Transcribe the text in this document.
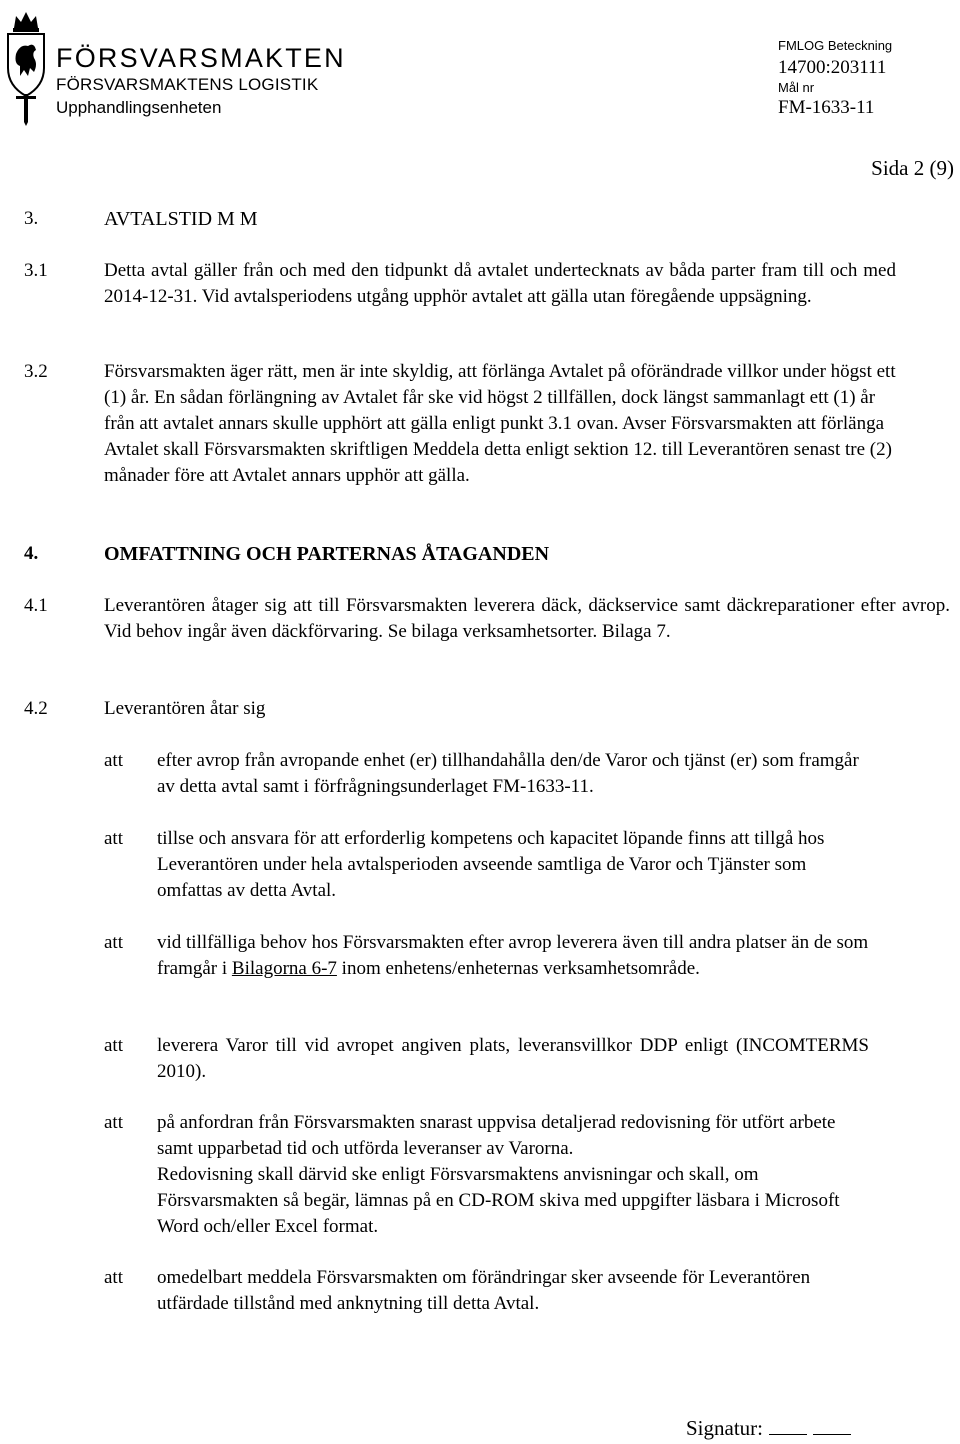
FÖRSVARSMAKTEN
FÖRSVARSMAKTENS LOGISTIK
Upphandlingsenheten
FMLOG Beteckning
14700:203111
Mål nr
FM-1633-11
Sida 2 (9)
3.	AVTALSTID M M
3.1	Detta avtal gäller från och med den tidpunkt då avtalet undertecknats av båda parter fram till och med 2014-12-31. Vid avtalsperiodens utgång upphör avtalet att gälla utan föregående uppsägning.
3.2	Försvarsmakten äger rätt, men är inte skyldig, att förlänga Avtalet på oförändrade villkor under högst ett (1) år. En sådan förlängning av Avtalet får ske vid högst 2 tillfällen, dock längst sammanlagt ett (1) år från att avtalet annars skulle upphört att gälla enligt punkt 3.1 ovan. Avser Försvarsmakten att förlänga Avtalet skall Försvarsmakten skriftligen Meddela detta enligt sektion 12. till Leverantören senast tre (2) månader före att Avtalet annars upphör att gälla.
4.	OMFATTNING OCH PARTERNAS ÅTAGANDEN
4.1	Leverantören åtager sig att till Försvarsmakten leverera däck, däckservice samt däckreparationer efter avrop. Vid behov ingår även däckförvaring. Se bilaga verksamhetsorter. Bilaga 7.
4.2	Leverantören åtar sig
att efter avrop från avropande enhet (er) tillhandahålla den/de Varor och tjänst (er) som framgår av detta avtal samt i förfrågningsunderlaget FM-1633-11.
att tillse och ansvara för att erforderlig kompetens och kapacitet löpande finns att tillgå hos Leverantören under hela avtalsperioden avseende samtliga de Varor och Tjänster som omfattas av detta Avtal.
att vid tillfälliga behov hos Försvarsmakten efter avrop leverera även till andra platser än de som framgår i Bilagorna 6-7 inom enhetens/enheternas verksamhetsområde.
att leverera Varor till vid avropet angiven plats, leveransvillkor DDP enligt (INCOMTERMS 2010).
att på anfordran från Försvarsmakten snarast uppvisa detaljerad redovisning för utfört arbete samt upparbetad tid och utförda leveranser av Varorna.
Redovisning skall därvid ske enligt Försvarsmaktens anvisningar och skall, om Försvarsmakten så begär, lämnas på en CD-ROM skiva med uppgifter läsbara i Microsoft Word och/eller Excel format.
att omedelbart meddela Försvarsmakten om förändringar sker avseende för Leverantören utfärdade tillstånd med anknytning till detta Avtal.
Signatur:
